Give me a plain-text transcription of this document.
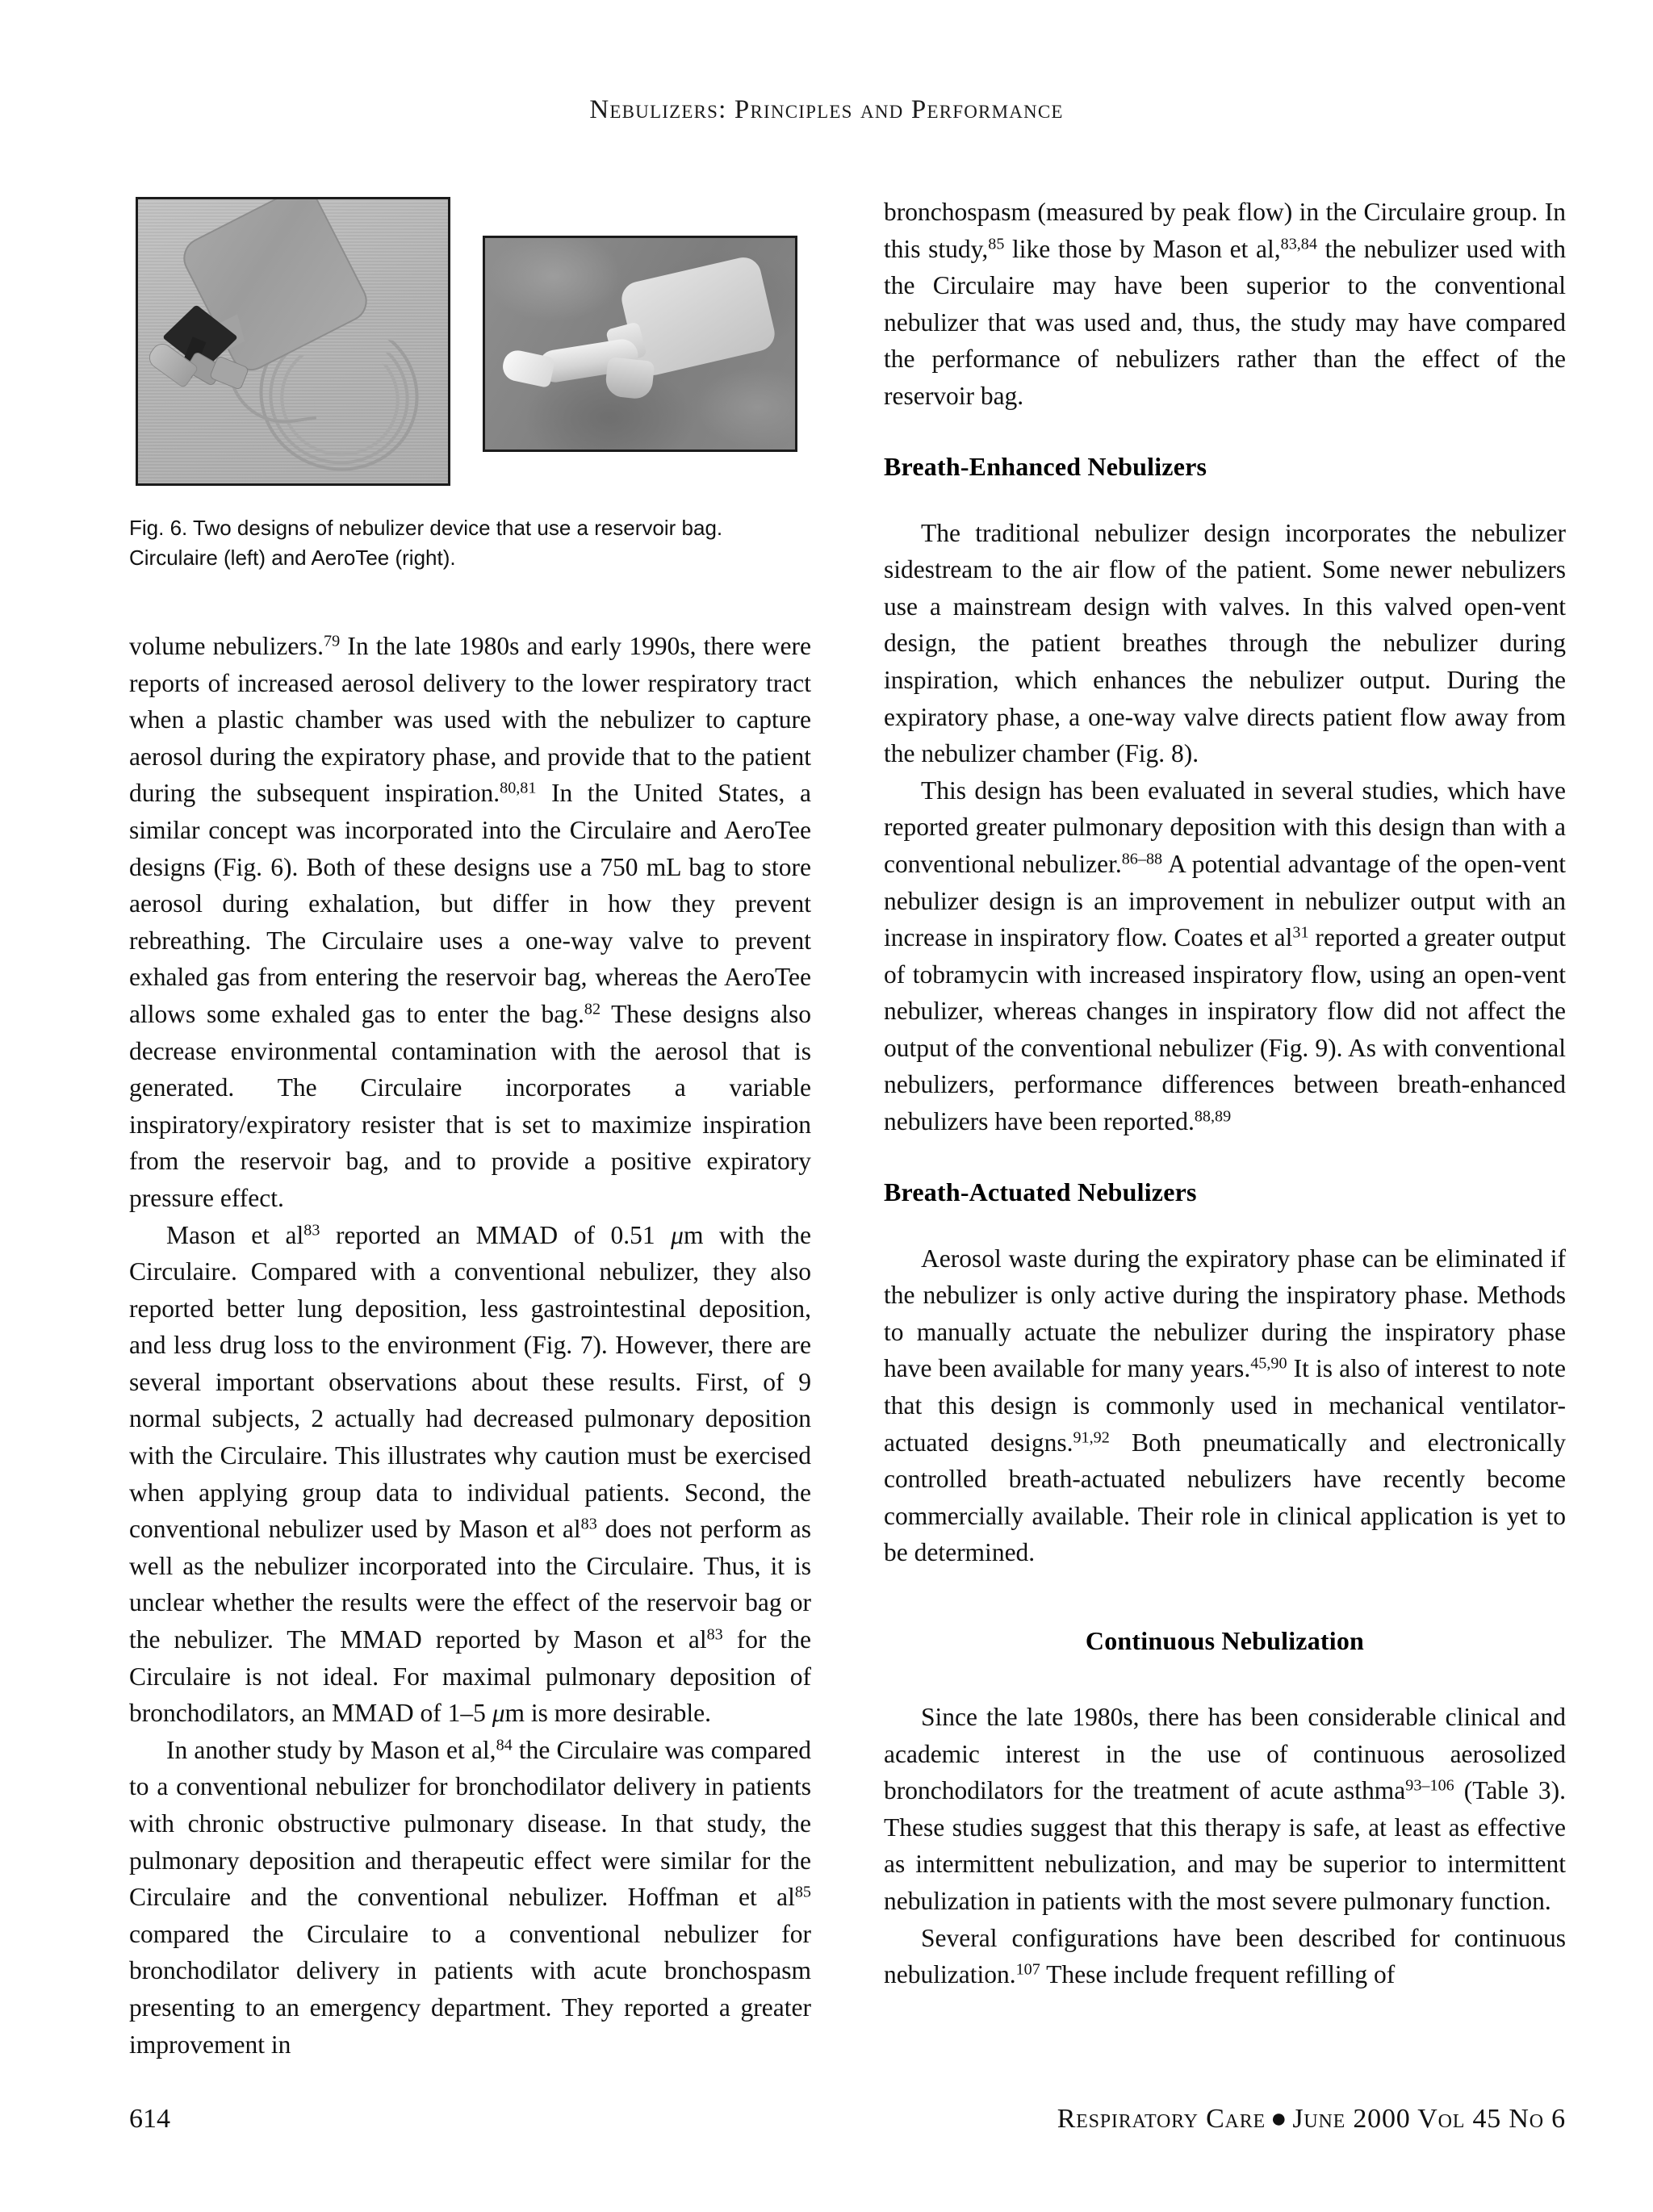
Nebulizers: Principles and Performance
Fig. 6. Two designs of nebulizer device that use a reservoir bag. Circulaire (left) and AeroTee (right).

volume nebulizers.$^{79}$ In the late 1980s and early 1990s, there were reports of increased aerosol delivery to the lower respiratory tract when a plastic chamber was used with the nebulizer to capture aerosol during the expiratory phase, and provide that to the patient during the subsequent inspiration.$^{80,81}$ In the United States, a similar concept was incorporated into the Circulaire and AeroTee designs (Fig. 6). Both of these designs use a 750 mL bag to store aerosol during exhalation, but differ in how they prevent rebreathing. The Circulaire uses a one-way valve to prevent exhaled gas from entering the reservoir bag, whereas the AeroTee allows some exhaled gas to enter the bag.$^{82}$ These designs also decrease environmental contamination with the aerosol that is generated. The Circulaire incorporates a variable inspiratory/expiratory resister that is set to maximize inspiration from the reservoir bag, and to provide a positive expiratory pressure effect.

Mason et $al^{83}$ reported an MMAD of 0.51 μm with the Circulaire. Compared with a conventional nebulizer, they also reported better lung deposition, less gastrointestinal deposition, and less drug loss to the environment (Fig. 7). However, there are several important observations about these results. First, of 9 normal subjects, 2 actually had decreased pulmonary deposition with the Circulaire. This illustrates why caution must be exercised when applying group data to individual patients. Second, the conventional nebulizer used by Mason et $al^{83}$ does not perform as well as the nebulizer incorporated into the Circulaire. Thus, it is unclear whether the results were the effect of the reservoir bag or the nebulizer. The MMAD reported by Mason et $al^{83}$ for the Circulaire is not ideal. For maximal pulmonary deposition of bronchodilators, an MMAD of 1–5 μm is more desirable.

In another study by Mason et al,$^{84}$ the Circulaire was compared to a conventional nebulizer for bronchodilator delivery in patients with chronic obstructive pulmonary disease. In that study, the pulmonary deposition and therapeutic effect were similar for the Circulaire and the conventional nebulizer. Hoffman et $al^{85}$ compared the Circulaire to a conventional nebulizer for bronchodilator delivery in patients with acute bronchospasm presenting to an emergency department. They reported a greater improvement in

bronchospasm (measured by peak flow) in the Circulaire group. In this study,$^{85}$ like those by Mason et al,$^{83,84}$ the nebulizer used with the Circulaire may have been superior to the conventional nebulizer that was used and, thus, the study may have compared the performance of nebulizers rather than the effect of the reservoir bag.

Breath-Enhanced Nebulizers

The traditional nebulizer design incorporates the nebulizer sidestream to the air flow of the patient. Some newer nebulizers use a mainstream design with valves. In this valved open-vent design, the patient breathes through the nebulizer during inspiration, which enhances the nebulizer output. During the expiratory phase, a one-way valve directs patient flow away from the nebulizer chamber (Fig. 8).

This design has been evaluated in several studies, which have reported greater pulmonary deposition with this design than with a conventional nebulizer.$^{86-88}$ A potential advantage of the open-vent nebulizer design is an improvement in nebulizer output with an increase in inspiratory flow. Coates et $al^{31}$ reported a greater output of tobramycin with increased inspiratory flow, using an open-vent nebulizer, whereas changes in inspiratory flow did not affect the output of the conventional nebulizer (Fig. 9). As with conventional nebulizers, performance differences between breath-enhanced nebulizers have been reported.$^{88,89}$

Breath-Actuated Nebulizers

Aerosol waste during the expiratory phase can be eliminated if the nebulizer is only active during the inspiratory phase. Methods to manually actuate the nebulizer during the inspiratory phase have been available for many years.$^{45,90}$ It is also of interest to note that this design is commonly used in mechanical ventilator-actuated designs.$^{91,92}$ Both pneumatically and electronically controlled breath-actuated nebulizers have recently become commercially available. Their role in clinical application is yet to be determined.

Continuous Nebulization

Since the late 1980s, there has been considerable clinical and academic interest in the use of continuous aerosolized bronchodilators for the treatment of acute asthma$^{93-106}$ (Table 3). These studies suggest that this therapy is safe, at least as effective as intermittent nebulization, and may be superior to intermittent nebulization in patients with the most severe pulmonary function.

Several configurations have been described for continuous nebulization.$^{107}$ These include frequent refilling of

614	Respiratory Care ● June 2000 Vol 45 No 6
